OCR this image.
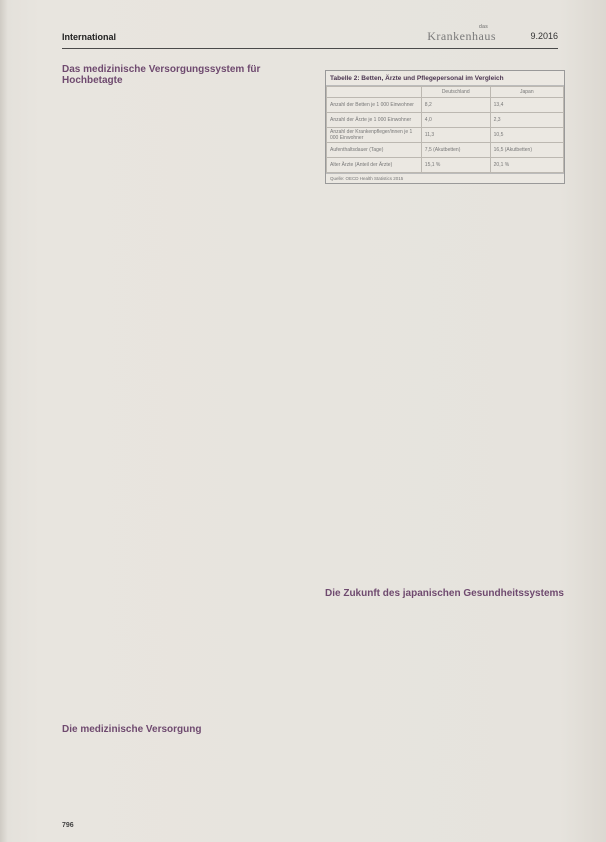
International
das
Krankenhaus	9.2016
Das medizinische Versorgungssystem für Hochbetagte

Die medizinische Versorgung

Tabelle 2: Betten, Ärzte und Pflegepersonal im Vergleich
	Deutschland	Japan
Anzahl der Betten je 1 000 Einwohner	8,2	13,4
Anzahl der Ärzte je 1 000 Einwohner	4,0	2,3
Anzahl der Krankenpfleger/innen je 1 000 Einwohner	11,3	10,5
Aufenthaltsdauer (Tage)	7,5 (Akutbetten)	16,5 (Akutbetten)
Alter Ärzte (Anteil der Ärzte)	15,1 %	20,1 %
Quelle: OECD Health Statistics 2015

Die Zukunft des japanischen Gesundheitssystems

796
